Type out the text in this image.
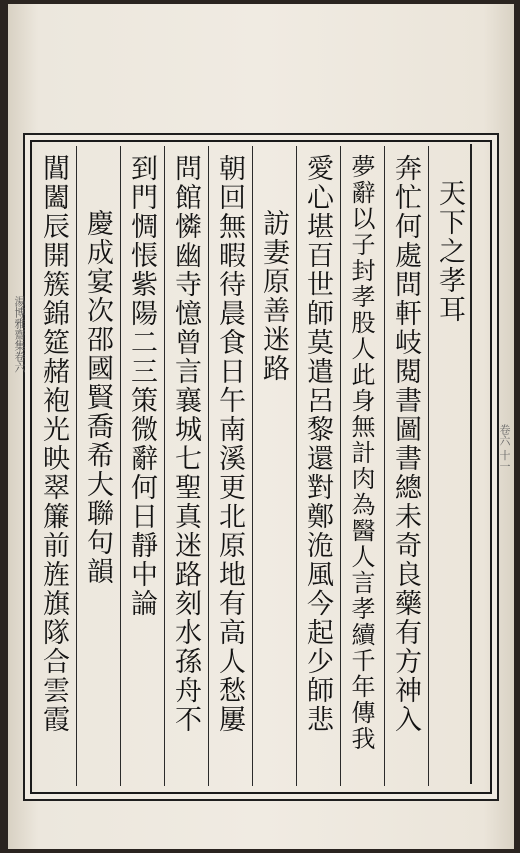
天下之孝耳
奔忙何處問軒岐閱書圖書總未奇良藥有方神入
夢辭以子封孝股人此身無計肉為醫人言孝續千年傳我
愛心堪百世師莫遣呂黎還對鄭洈風今起少師悲
訪妻原善迷路
朝回無暇待晨食日午南溪更北原地有高人愁屢
問館憐幽寺憶曾言襄城七聖真迷路刻水孫舟不
到門惆悵紫陽二三策微辭何日靜中論
慶成宴次邵國賢喬希大聯句韻
閶闔辰開簇錦筵赭袍光映翠簾前旌旗隊合雲霞
湯博雅齋集卷六
卷六 十一
